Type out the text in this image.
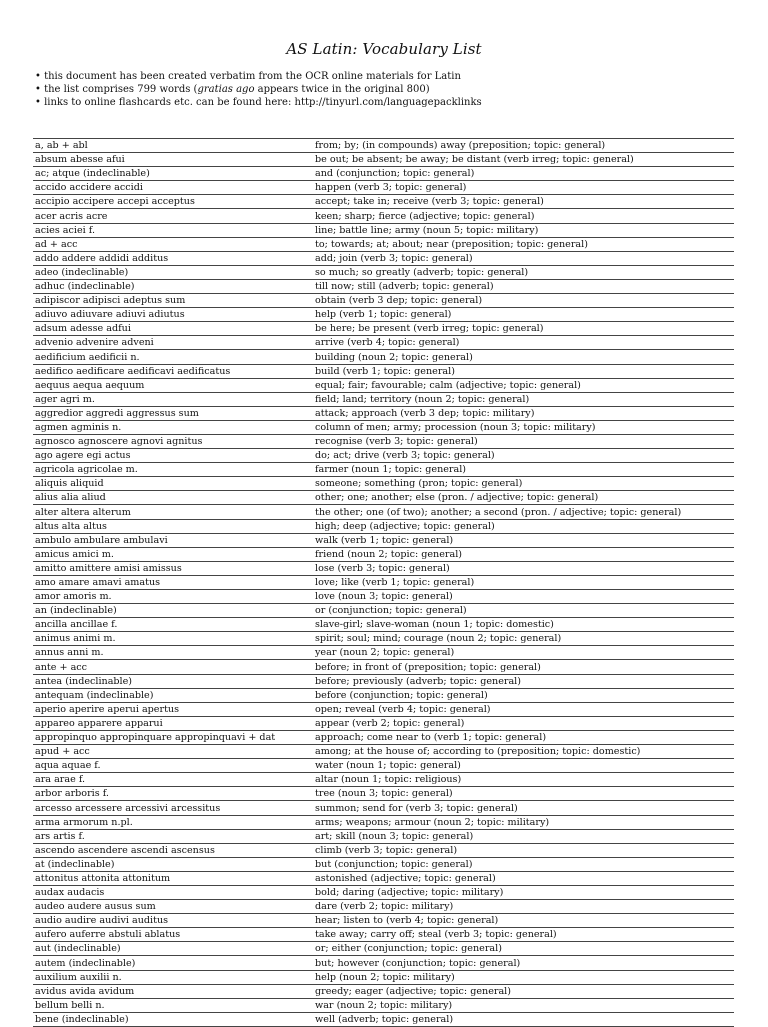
AS Latin: Vocabulary List
• this document has been created verbatim from the OCR online materials for Latin
• the list comprises 799 words (gratias ago appears twice in the original 800)
• links to online flashcards etc. can be found here: http://tinyurl.com/languagepacklinks
a, ab + abl	from; by; (in compounds) away (preposition; topic: general)
absum abesse afui	be out; be absent; be away; be distant (verb irreg; topic: general)
ac; atque (indeclinable)	and (conjunction; topic: general)
accido accidere accidi	happen (verb 3; topic: general)
accipio accipere accepi acceptus	accept; take in; receive (verb 3; topic: general)
acer acris acre	keen; sharp; fierce (adjective; topic: general)
acies aciei f.	line; battle line; army (noun 5; topic: military)
ad + acc	to; towards; at; about; near (preposition; topic: general)
addo addere addidi additus	add; join (verb 3; topic: general)
adeo (indeclinable)	so much; so greatly (adverb; topic: general)
adhuc (indeclinable)	till now; still (adverb; topic: general)
adipiscor adipisci adeptus sum	obtain (verb 3 dep; topic: general)
adiuvo adiuvare adiuvi adiutus	help (verb 1; topic: general)
adsum adesse adfui	be here; be present (verb irreg; topic: general)
advenio advenire adveni	arrive (verb 4; topic: general)
aedificium aedificii n.	building (noun 2; topic: general)
aedifico aedificare aedificavi aedificatus	build (verb 1; topic: general)
aequus aequa aequum	equal; fair; favourable; calm (adjective; topic: general)
ager agri m.	field; land; territory (noun 2; topic: general)
aggredior aggredi aggressus sum	attack; approach (verb 3 dep; topic: military)
agmen agminis n.	column of men; army; procession (noun 3; topic: military)
agnosco agnoscere agnovi agnitus	recognise (verb 3; topic: general)
ago agere egi actus	do; act; drive (verb 3; topic: general)
agricola agricolae m.	farmer (noun 1; topic: general)
aliquis aliquid	someone; something (pron; topic: general)
alius alia aliud	other; one; another; else (pron. / adjective; topic: general)
alter altera alterum	the other; one (of two); another; a second (pron. / adjective; topic: general)
altus alta altus	high; deep (adjective; topic: general)
ambulo ambulare ambulavi	walk (verb 1; topic: general)
amicus amici m.	friend (noun 2; topic: general)
amitto amittere amisi amissus	lose (verb 3; topic: general)
amo amare amavi amatus	love; like (verb 1; topic: general)
amor amoris m.	love (noun 3; topic: general)
an (indeclinable)	or (conjunction; topic: general)
ancilla ancillae f.	slave-girl; slave-woman (noun 1; topic: domestic)
animus animi m.	spirit; soul; mind; courage (noun 2; topic: general)
annus anni m.	year (noun 2; topic: general)
ante + acc	before; in front of (preposition; topic: general)
antea (indeclinable)	before; previously (adverb; topic: general)
antequam (indeclinable)	before (conjunction; topic: general)
aperio aperire aperui apertus	open; reveal (verb 4; topic: general)
appareo apparere apparui	appear (verb 2; topic: general)
appropinquo appropinquare appropinquavi + dat	approach; come near to (verb 1; topic: general)
apud + acc	among; at the house of; according to (preposition; topic: domestic)
aqua aquae f.	water (noun 1; topic: general)
ara arae f.	altar (noun 1; topic: religious)
arbor arboris f.	tree (noun 3; topic: general)
arcesso arcessere arcessivi arcessitus	summon; send for (verb 3; topic: general)
arma armorum n.pl.	arms; weapons; armour (noun 2; topic: military)
ars artis f.	art; skill (noun 3; topic: general)
ascendo ascendere ascendi ascensus	climb (verb 3; topic: general)
at (indeclinable)	but (conjunction; topic: general)
attonitus attonita attonitum	astonished (adjective; topic: general)
audax audacis	bold; daring (adjective; topic: military)
audeo audere ausus sum	dare (verb 2; topic: military)
audio audire audivi auditus	hear; listen to (verb 4; topic: general)
aufero auferre abstuli ablatus	take away; carry off; steal (verb 3; topic: general)
aut (indeclinable)	or; either (conjunction; topic: general)
autem (indeclinable)	but; however (conjunction; topic: general)
auxilium auxilii n.	help (noun 2; topic: military)
avidus avida avidum	greedy; eager (adjective; topic: general)
bellum belli n.	war (noun 2; topic: military)
bene (indeclinable)	well (adverb; topic: general)
